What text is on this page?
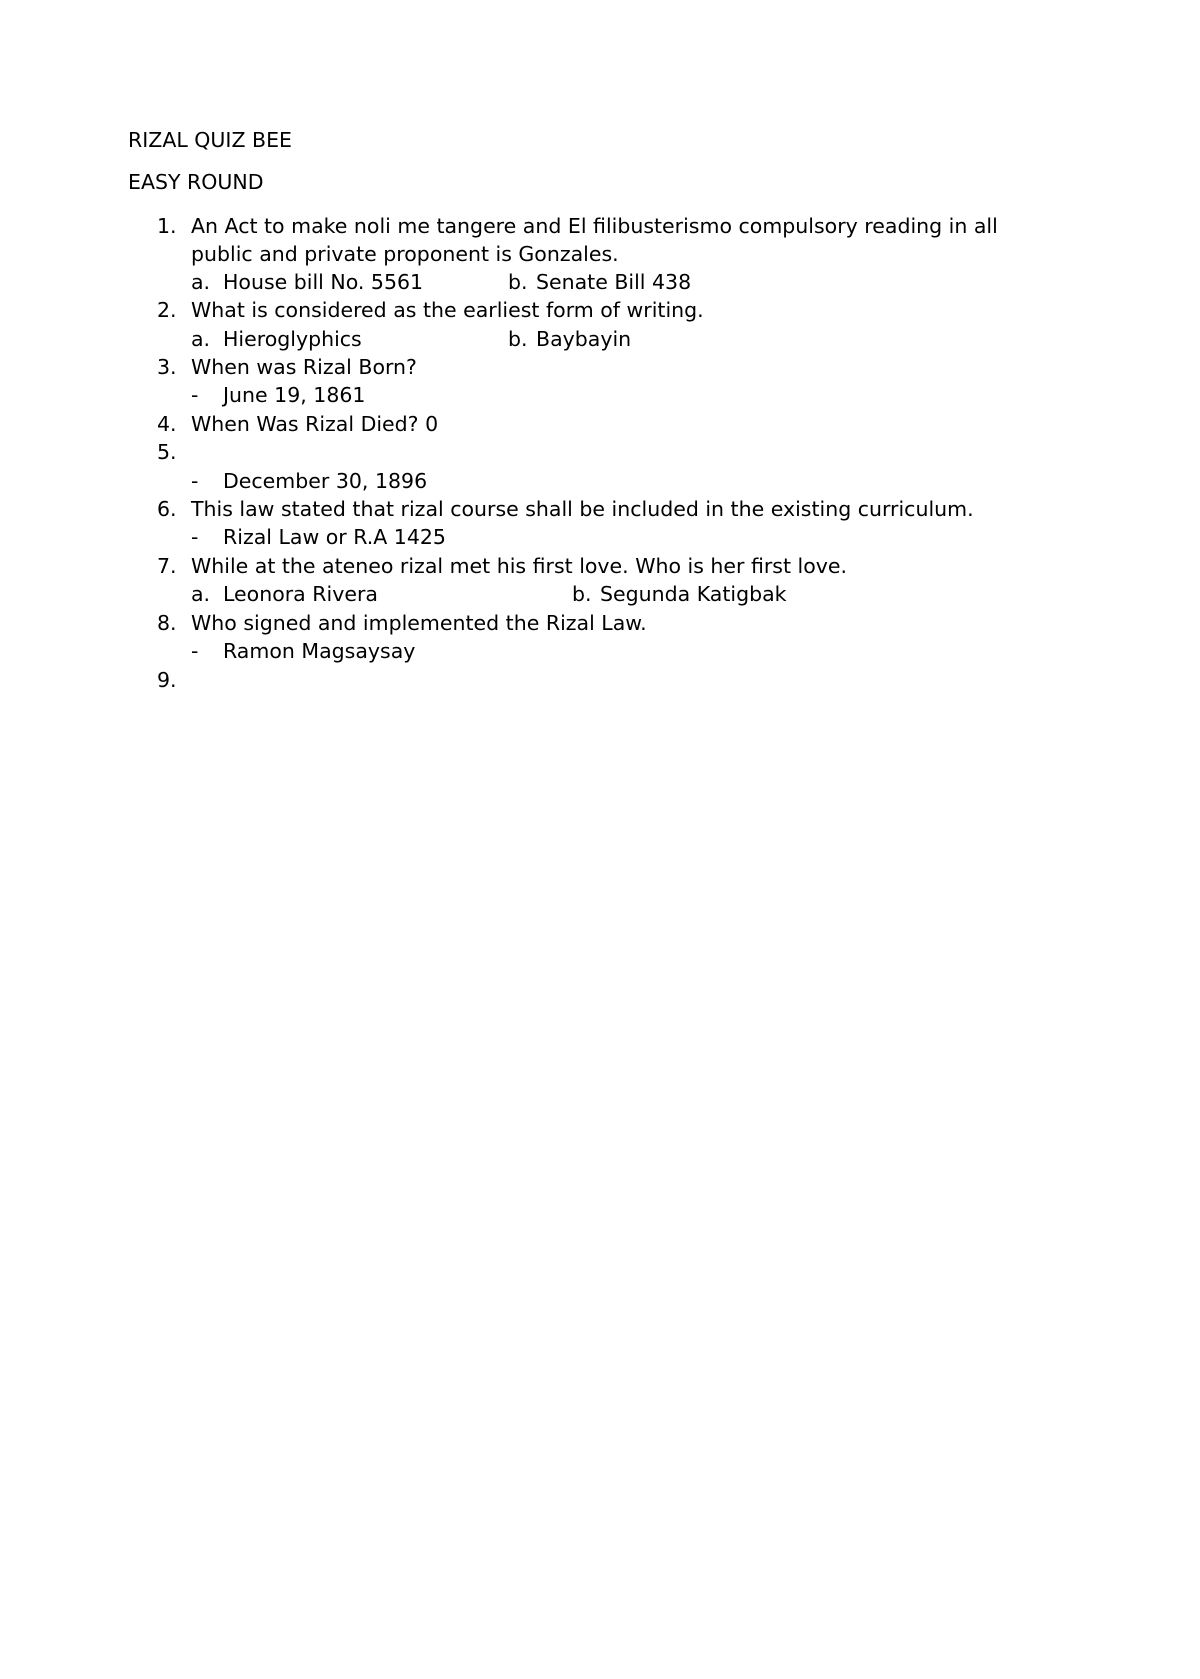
RIZAL QUIZ BEE
EASY ROUND
1. An Act to make noli me tangere and El filibusterismo compulsory reading in all
public and private proponent is Gonzales.
a. House bill No. 5561	b. Senate Bill 438
2. What is considered as the earliest form of writing.
a. Hieroglyphics	b. Baybayin
3. When was Rizal Born?
- June 19, 1861
4. When Was Rizal Died? 0
5.
- December 30, 1896
6. This law stated that rizal course shall be included in the existing curriculum.
- Rizal Law or R.A 1425
7. While at the ateneo rizal met his first love. Who is her first love.
a. Leonora Rivera	b. Segunda Katigbak
8. Who signed and implemented the Rizal Law.
- Ramon Magsaysay
9.
